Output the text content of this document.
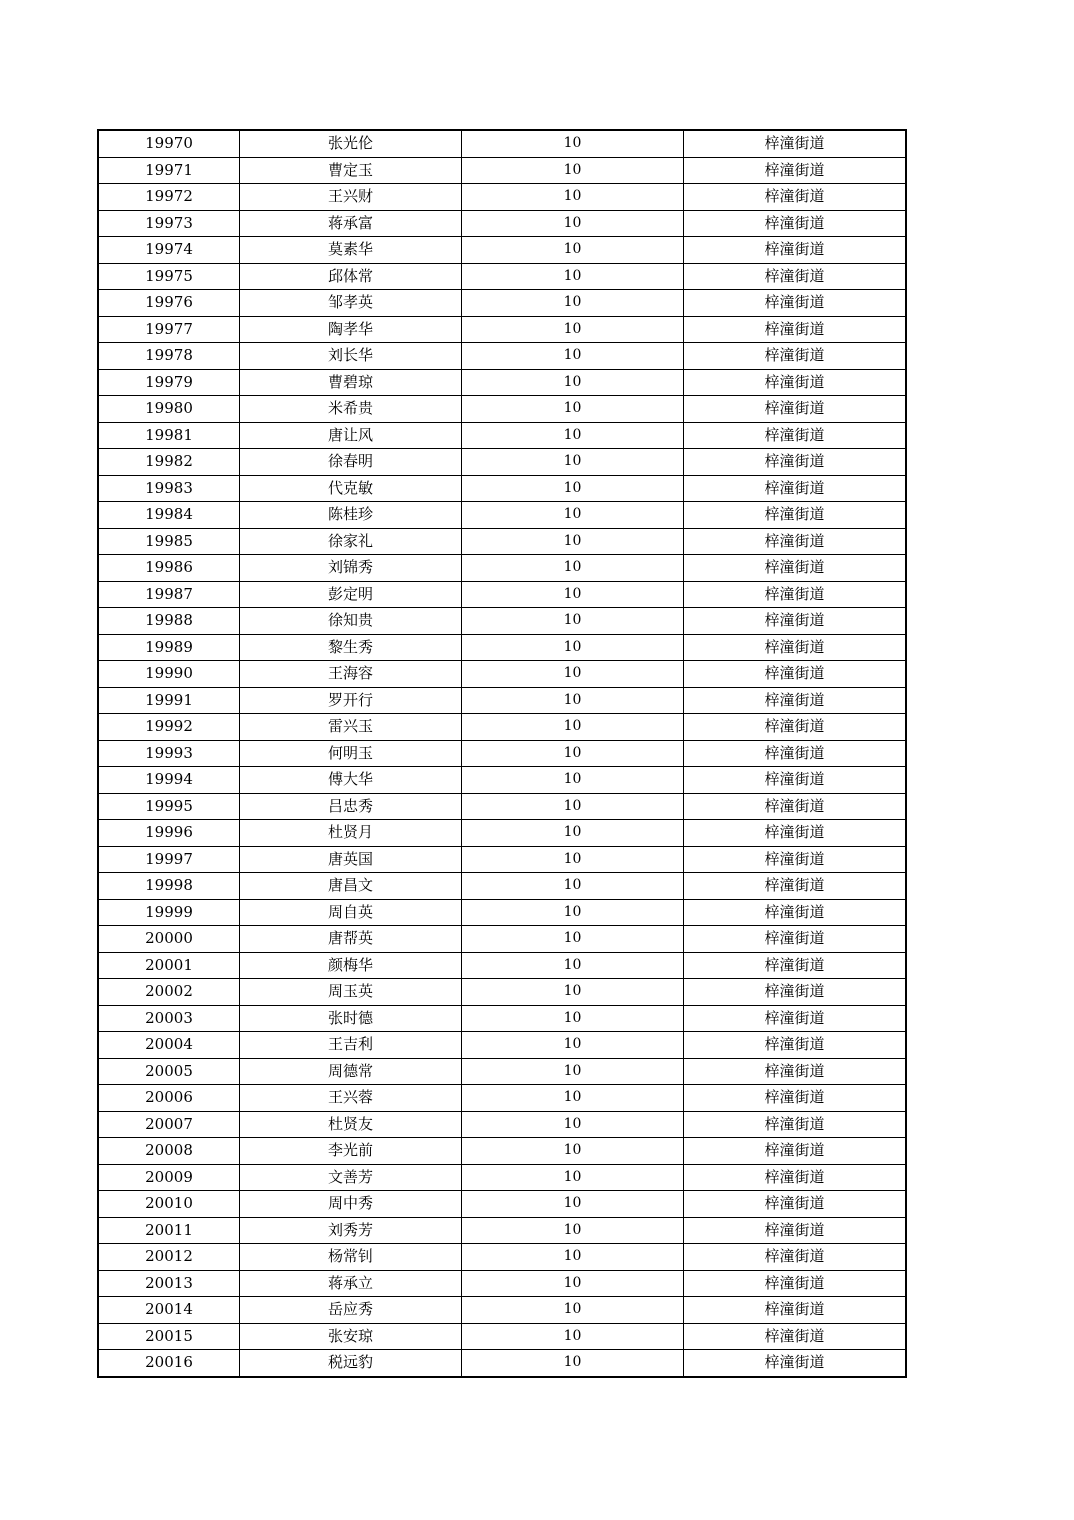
19970	张光伦	10	梓潼街道
19971	曹定玉	10	梓潼街道
19972	王兴财	10	梓潼街道
19973	蒋承富	10	梓潼街道
19974	莫素华	10	梓潼街道
19975	邱体常	10	梓潼街道
19976	邹孝英	10	梓潼街道
19977	陶孝华	10	梓潼街道
19978	刘长华	10	梓潼街道
19979	曹碧琼	10	梓潼街道
19980	米希贵	10	梓潼街道
19981	唐让风	10	梓潼街道
19982	徐春明	10	梓潼街道
19983	代克敏	10	梓潼街道
19984	陈桂珍	10	梓潼街道
19985	徐家礼	10	梓潼街道
19986	刘锦秀	10	梓潼街道
19987	彭定明	10	梓潼街道
19988	徐知贵	10	梓潼街道
19989	黎生秀	10	梓潼街道
19990	王海容	10	梓潼街道
19991	罗开行	10	梓潼街道
19992	雷兴玉	10	梓潼街道
19993	何明玉	10	梓潼街道
19994	傅大华	10	梓潼街道
19995	吕忠秀	10	梓潼街道
19996	杜贤月	10	梓潼街道
19997	唐英国	10	梓潼街道
19998	唐昌文	10	梓潼街道
19999	周自英	10	梓潼街道
20000	唐帮英	10	梓潼街道
20001	颜梅华	10	梓潼街道
20002	周玉英	10	梓潼街道
20003	张时德	10	梓潼街道
20004	王吉利	10	梓潼街道
20005	周德常	10	梓潼街道
20006	王兴蓉	10	梓潼街道
20007	杜贤友	10	梓潼街道
20008	李光前	10	梓潼街道
20009	文善芳	10	梓潼街道
20010	周中秀	10	梓潼街道
20011	刘秀芳	10	梓潼街道
20012	杨常钊	10	梓潼街道
20013	蒋承立	10	梓潼街道
20014	岳应秀	10	梓潼街道
20015	张安琼	10	梓潼街道
20016	税远豹	10	梓潼街道
